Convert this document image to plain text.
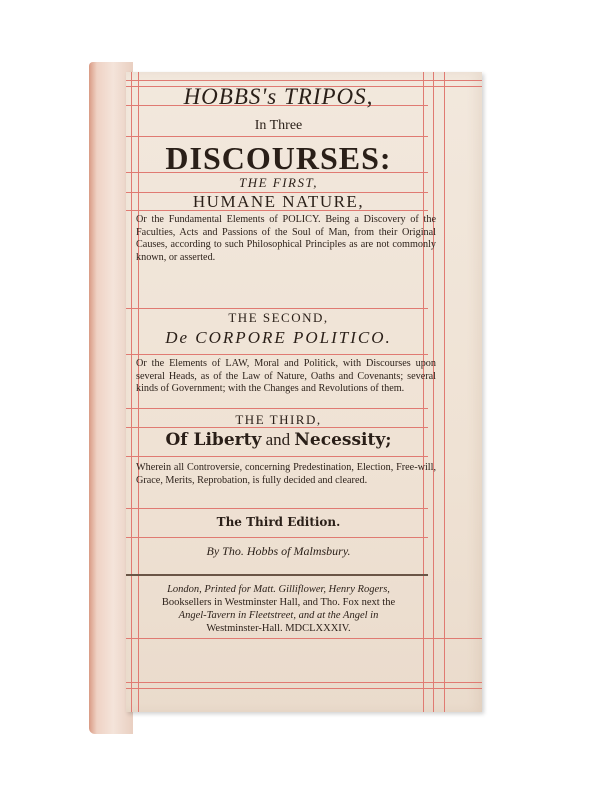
HOBBS's TRIPOS,
In Three
DISCOURSES:
THE FIRST,
HUMANE NATURE,
Or the Fundamental Elements of POLICY. Being a Discovery of the Faculties, Acts and Passions of the Soul of Man, from their Original Causes, according to such Philosophical Principles as are not commonly known, or asserted.
THE SECOND,
De CORPORE POLITICO.
Or the Elements of LAW, Moral and Politick, with Discourses upon several Heads, as of the Law of Nature, Oaths and Covenants; several kinds of Government; with the Changes and Revolutions of them.
THE THIRD,
Of Liberty and Necessity;
Wherein all Controversie, concerning Predestination, Election, Free-will, Grace, Merits, Reprobation, is fully decided and cleared.
The Third Edition.
By Tho. Hobbs of Malmsbury.
London, Printed for Matt. Gilliflower, Henry Rogers,
Booksellers in Westminster Hall, and Tho. Fox next the
Angel-Tavern in Fleetstreet, and at the Angel in
Westminster-Hall. MDCLXXXIV.
